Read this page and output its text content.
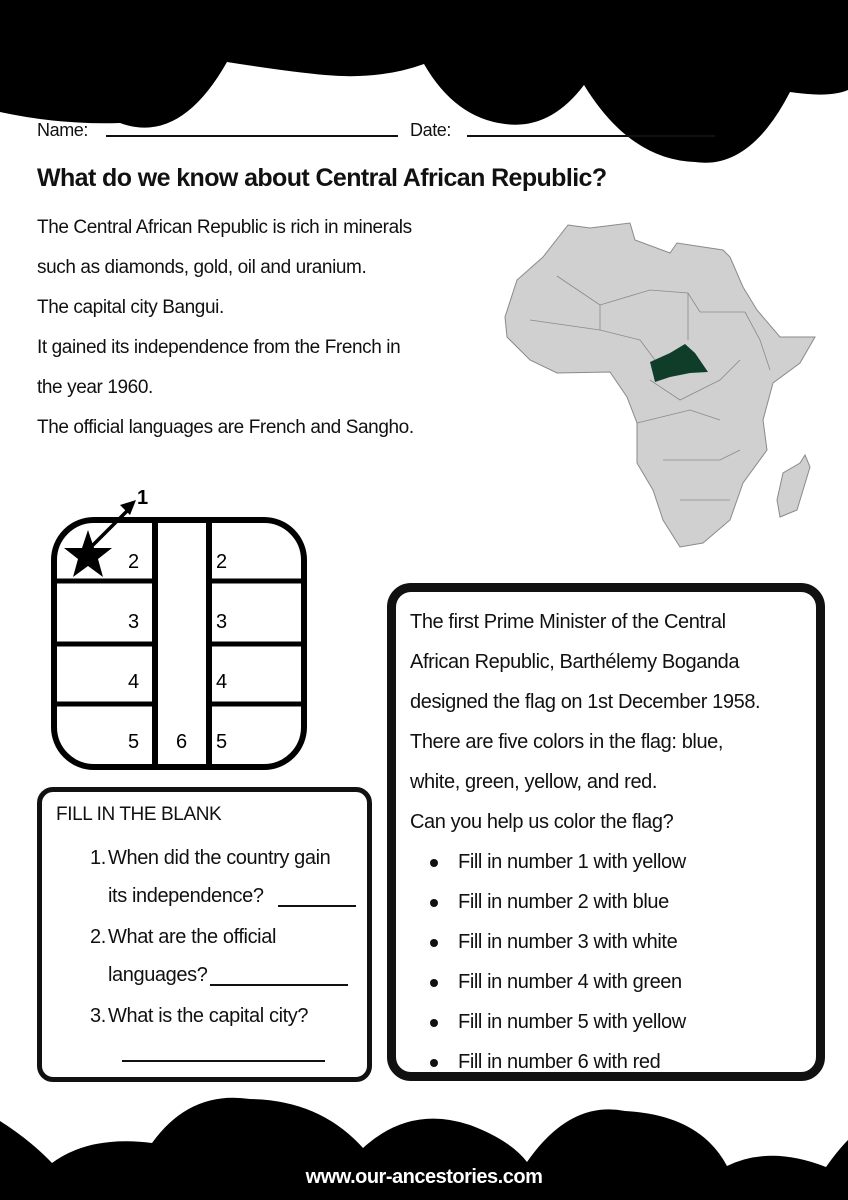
Name:	Date:
What do we know about Central African Republic?
The Central African Republic is rich in minerals
such as diamonds, gold, oil and uranium.
The capital city Bangui.
It gained its independence from the French in
the year 1960.
The official languages are French and Sangho.
1
2
3
4
5 6
2
3
4
5
FILL IN THE BLANK
1. When did the country gain
its independence?
2. What are the official
languages?
3. What is the capital city?
The first Prime Minister of the Central
African Republic, Barthélemy Boganda
designed the flag on 1st December 1958.
There are five colors in the flag: blue,
white, green, yellow, and red.
Can you help us color the flag?
Fill in number 1 with yellow
Fill in number 2 with blue
Fill in number 3 with white
Fill in number 4 with green
Fill in number 5 with yellow
Fill in number 6 with red
www.our-ancestories.com
